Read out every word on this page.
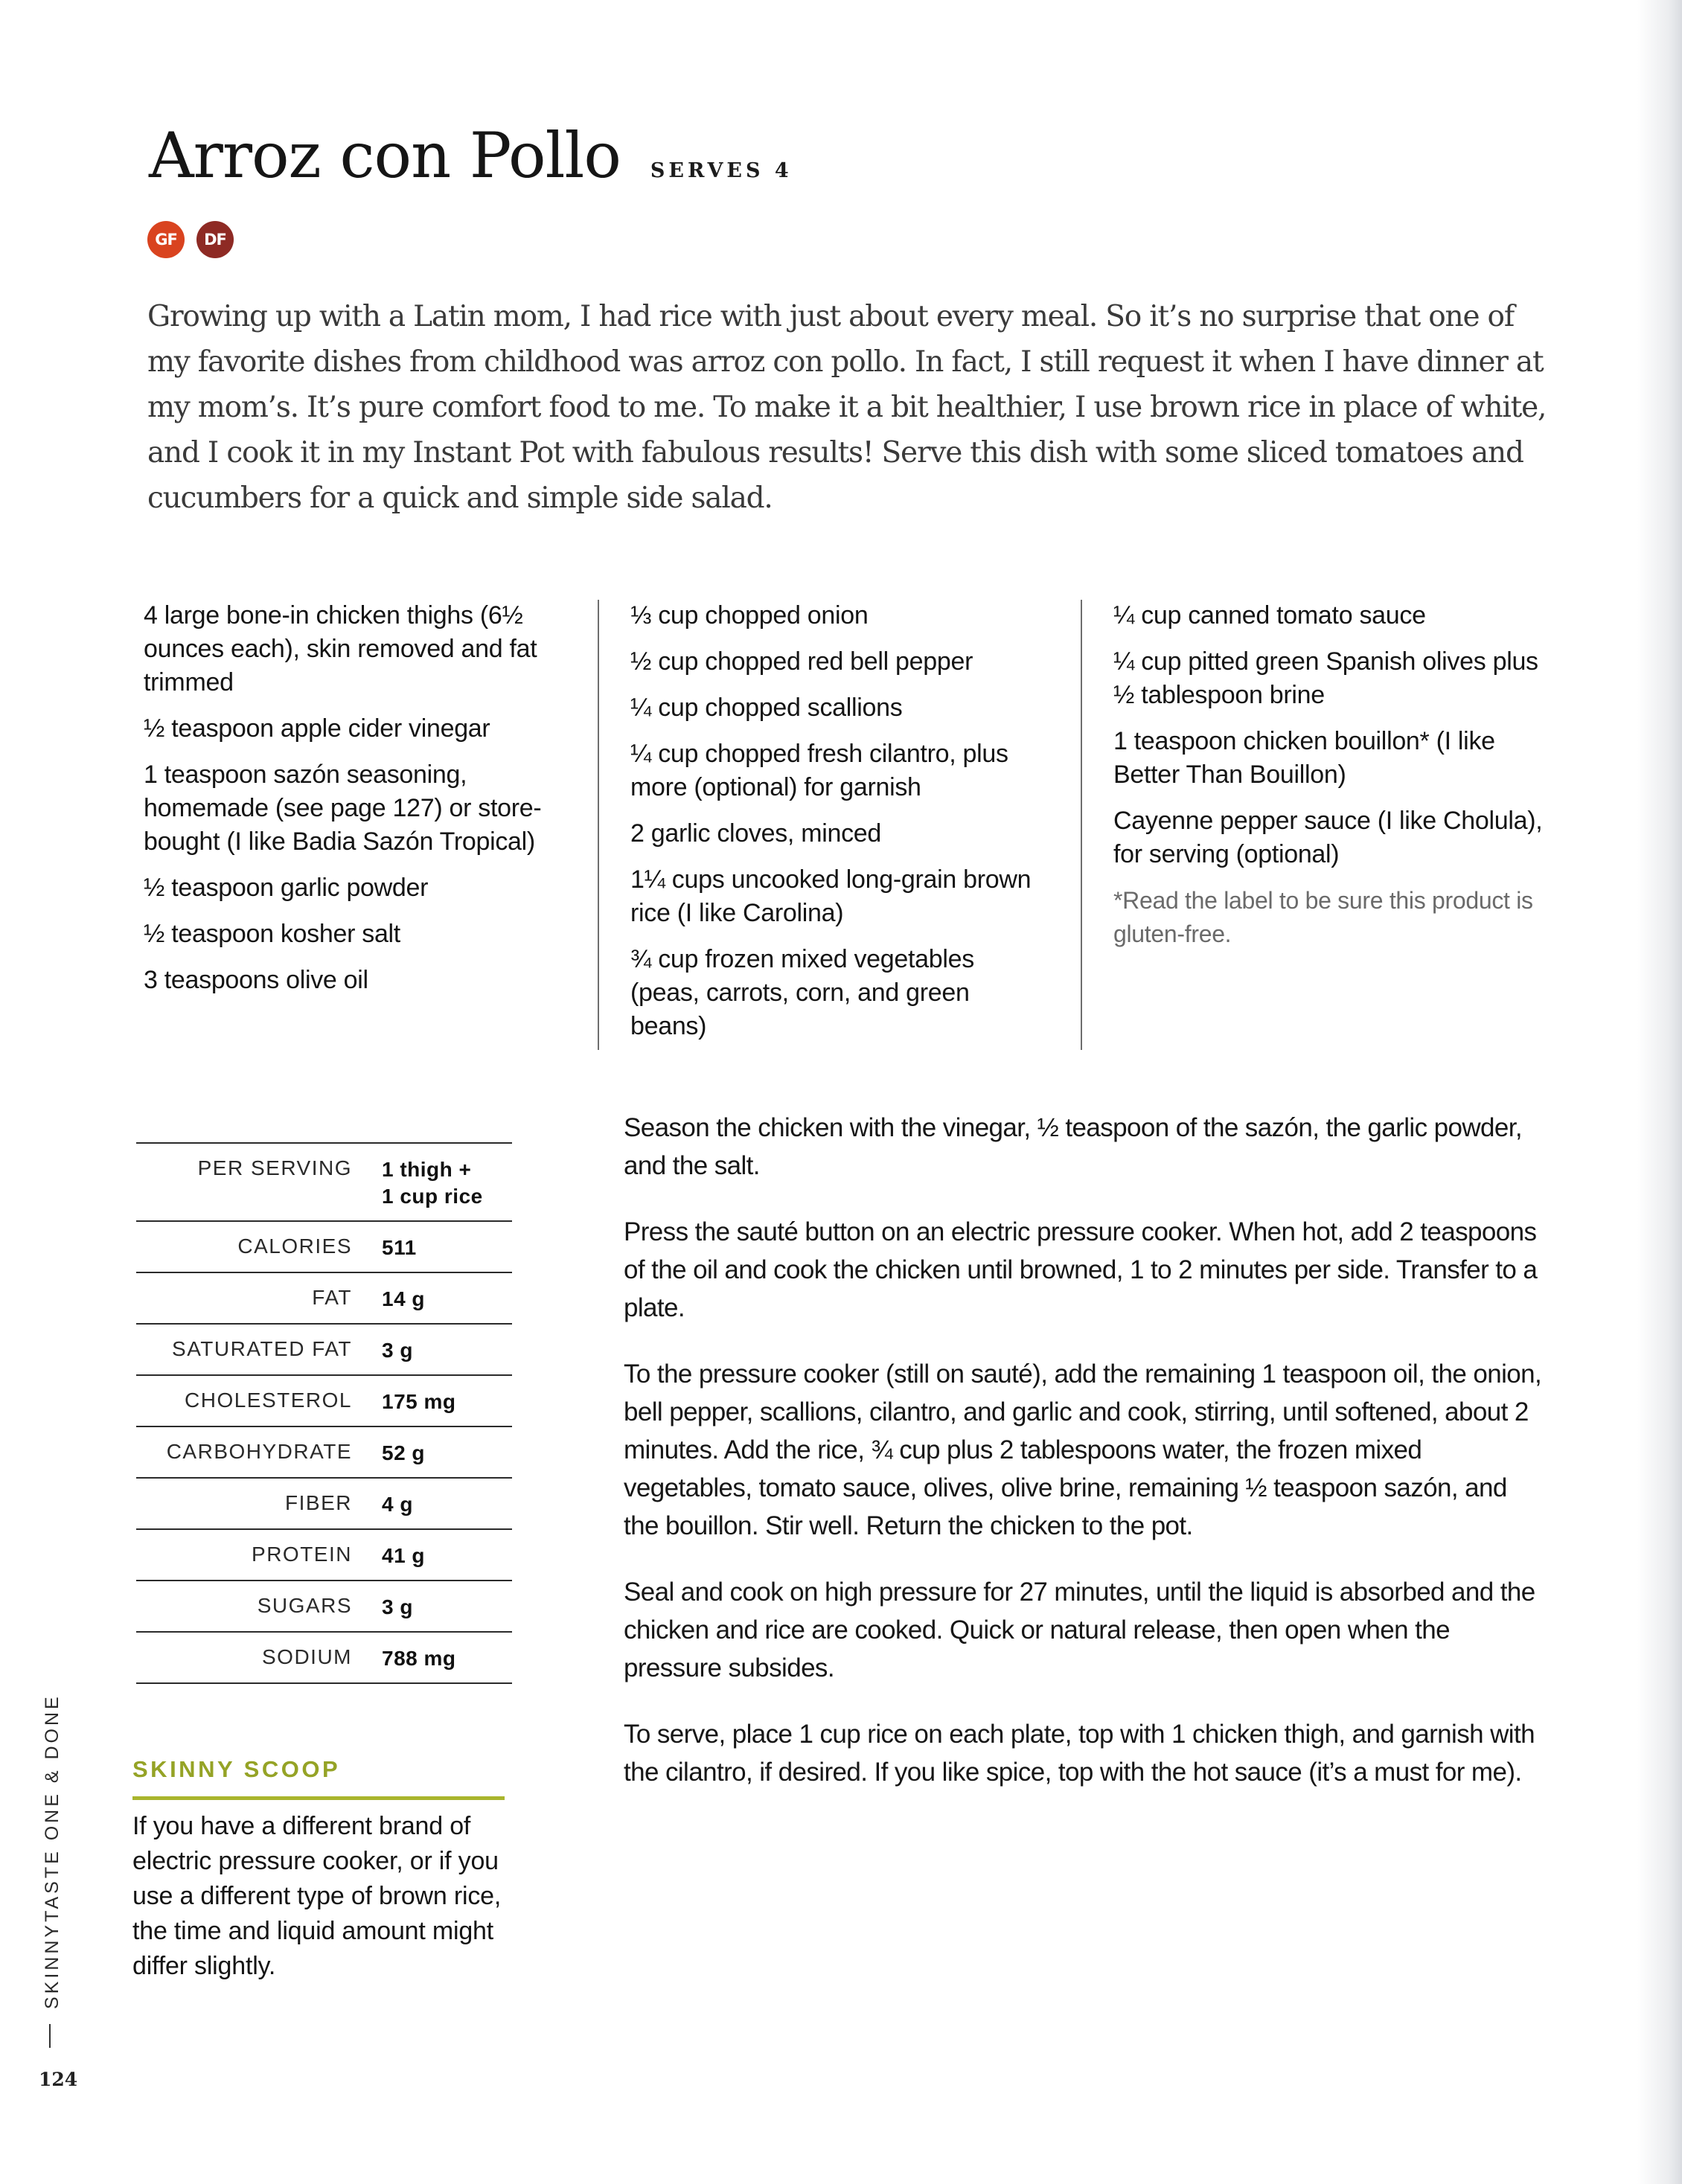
Arroz con Pollo SERVES 4
GF	DF

Growing up with a Latin mom, I had rice with just about every meal. So it’s no surprise that one of my favorite dishes from childhood was arroz con pollo. In fact, I still request it when I have dinner at my mom’s. It’s pure comfort food to me. To make it a bit healthier, I use brown rice in place of white, and I cook it in my Instant Pot with fabulous results! Serve this dish with some sliced tomatoes and cucumbers for a quick and simple side salad.

4 large bone-in chicken thighs (6½ ounces each), skin removed and fat trimmed

½ teaspoon apple cider vinegar

1 teaspoon sazón seasoning, homemade (see page 127) or store-bought (I like Badia Sazón Tropical)

½ teaspoon garlic powder

½ teaspoon kosher salt

3 teaspoons olive oil

⅓ cup chopped onion

½ cup chopped red bell pepper

¼ cup chopped scallions

¼ cup chopped fresh cilantro, plus more (optional) for garnish

2 garlic cloves, minced

1¼ cups uncooked long-grain brown rice (I like Carolina)

¾ cup frozen mixed vegetables (peas, carrots, corn, and green beans)

¼ cup canned tomato sauce

¼ cup pitted green Spanish olives plus ½ tablespoon brine

1 teaspoon chicken bouillon* (I like Better Than Bouillon)

Cayenne pepper sauce (I like Cholula), for serving (optional)

*Read the label to be sure this product is gluten-free.

PER SERVING	1 thigh +
1 cup rice

CALORIES	511
FAT	14 g
SATURATED FAT	3 g
CHOLESTEROL	175 mg
CARBOHYDRATE	52 g
FIBER	4 g
PROTEIN	41 g
SUGARS	3 g
SODIUM	788 mg
SKINNY SCOOP

If you have a different brand of electric pressure cooker, or if you use a different type of brown rice, the time and liquid amount might differ slightly.

Season the chicken with the vinegar, ½ teaspoon of the sazón, the garlic powder, and the salt.

Press the sauté button on an electric pressure cooker. When hot, add 2 teaspoons of the oil and cook the chicken until browned, 1 to 2 minutes per side. Transfer to a plate.

To the pressure cooker (still on sauté), add the remaining 1 teaspoon oil, the onion, bell pepper, scallions, cilantro, and garlic and cook, stirring, until softened, about 2 minutes. Add the rice, ¾ cup plus 2 tablespoons water, the frozen mixed vegetables, tomato sauce, olives, olive brine, remaining ½ teaspoon sazón, and the bouillon. Stir well. Return the chicken to the pot.

Seal and cook on high pressure for 27 minutes, until the liquid is absorbed and the chicken and rice are cooked. Quick or natural release, then open when the pressure subsides.

To serve, place 1 cup rice on each plate, top with 1 chicken thigh, and garnish with the cilantro, if desired. If you like spice, top with the hot sauce (it’s a must for me).

SKINNYTASTE ONE & DONE
124
